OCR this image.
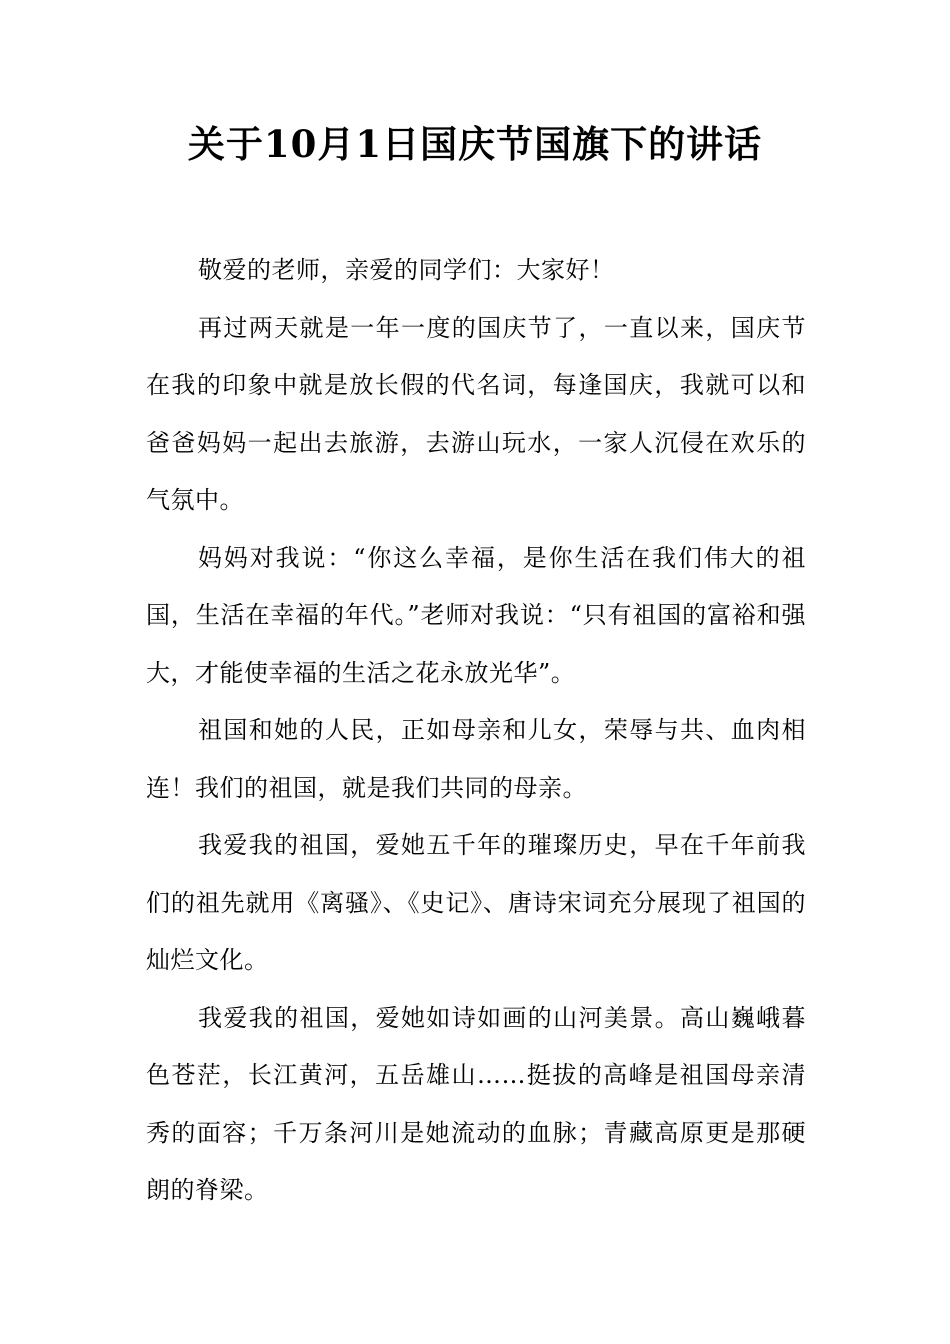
关于10月1日国庆节国旗下的讲话

敬爱的老师，亲爱的同学们：大家好！

再过两天就是一年一度的国庆节了，一直以来，国庆节在我的印象中就是放长假的代名词，每逢国庆，我就可以和爸爸妈妈一起出去旅游，去游山玩水，一家人沉侵在欢乐的气氛中。

妈妈对我说：“你这么幸福，是你生活在我们伟大的祖国，生活在幸福的年代。”老师对我说：“只有祖国的富裕和强大，才能使幸福的生活之花永放光华”。

祖国和她的人民，正如母亲和儿女，荣辱与共、血肉相连！我们的祖国，就是我们共同的母亲。

我爱我的祖国，爱她五千年的璀璨历史，早在千年前我们的祖先就用《离骚》、《史记》、唐诗宋词充分展现了祖国的灿烂文化。

我爱我的祖国，爱她如诗如画的山河美景。高山巍峨暮色苍茫，长江黄河，五岳雄山……挺拔的高峰是祖国母亲清秀的面容；千万条河川是她流动的血脉；青藏高原更是那硬朗的脊梁。
